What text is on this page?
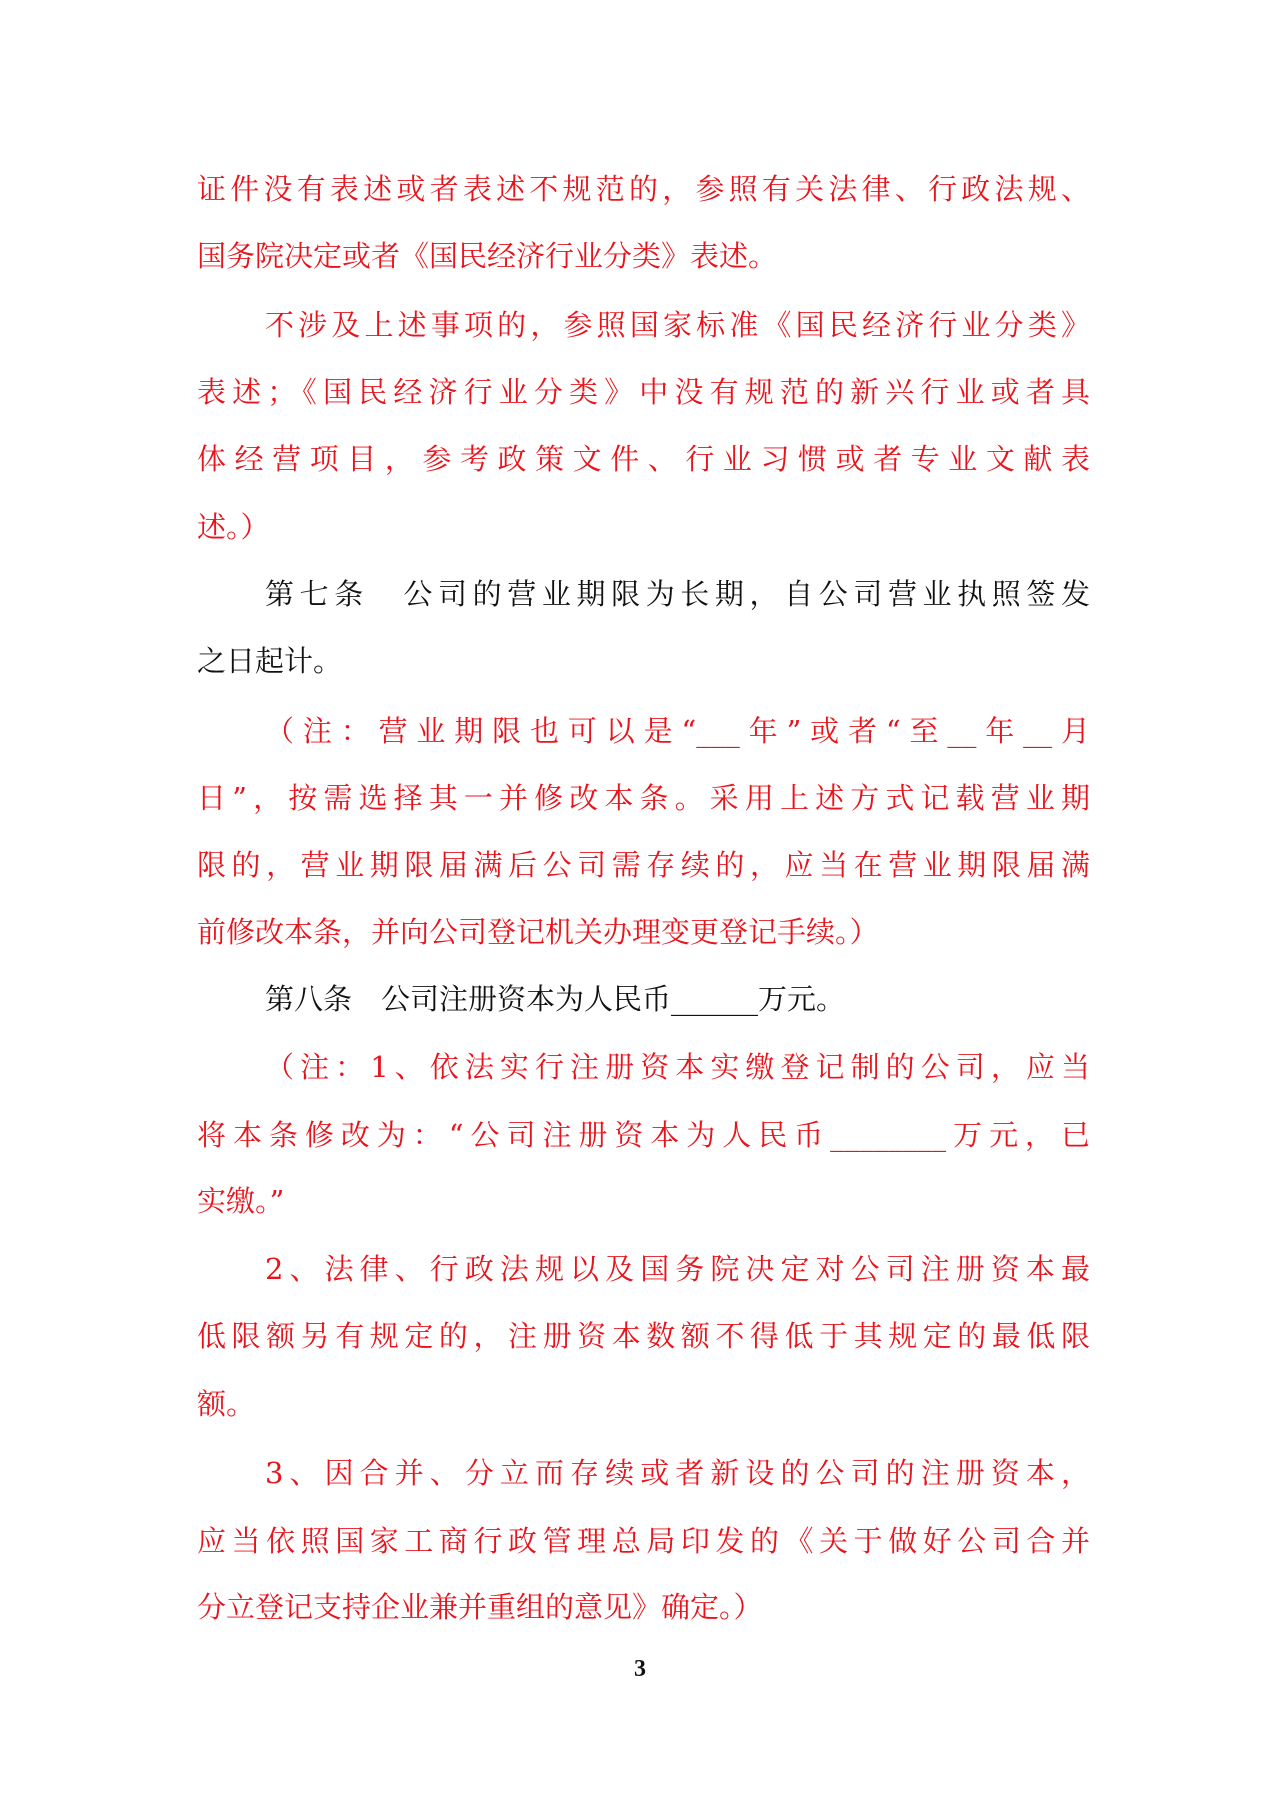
证件没有表述或者表述不规范的，参照有关法律、行政法规、
国务院决定或者《国民经济行业分类》表述。
不涉及上述事项的，参照国家标准《国民经济行业分类》
表述；《国民经济行业分类》中没有规范的新兴行业或者具
体经营项目，参考政策文件、行业习惯或者专业文献表
述。）
第七条　公司的营业期限为长期，自公司营业执照签发
之日起计。
（注：营业期限也可以是“___年”或者“至__年__月
日”，按需选择其一并修改本条。采用上述方式记载营业期
限的，营业期限届满后公司需存续的，应当在营业期限届满
前修改本条，并向公司登记机关办理变更登记手续。）
第八条　公司注册资本为人民币______万元。
（注：1、依法实行注册资本实缴登记制的公司，应当
将本条修改为：“公司注册资本为人民币________万元，已
实缴。”
2、法律、行政法规以及国务院决定对公司注册资本最
低限额另有规定的，注册资本数额不得低于其规定的最低限
额。
3、因合并、分立而存续或者新设的公司的注册资本，
应当依照国家工商行政管理总局印发的《关于做好公司合并
分立登记支持企业兼并重组的意见》确定。）
3
